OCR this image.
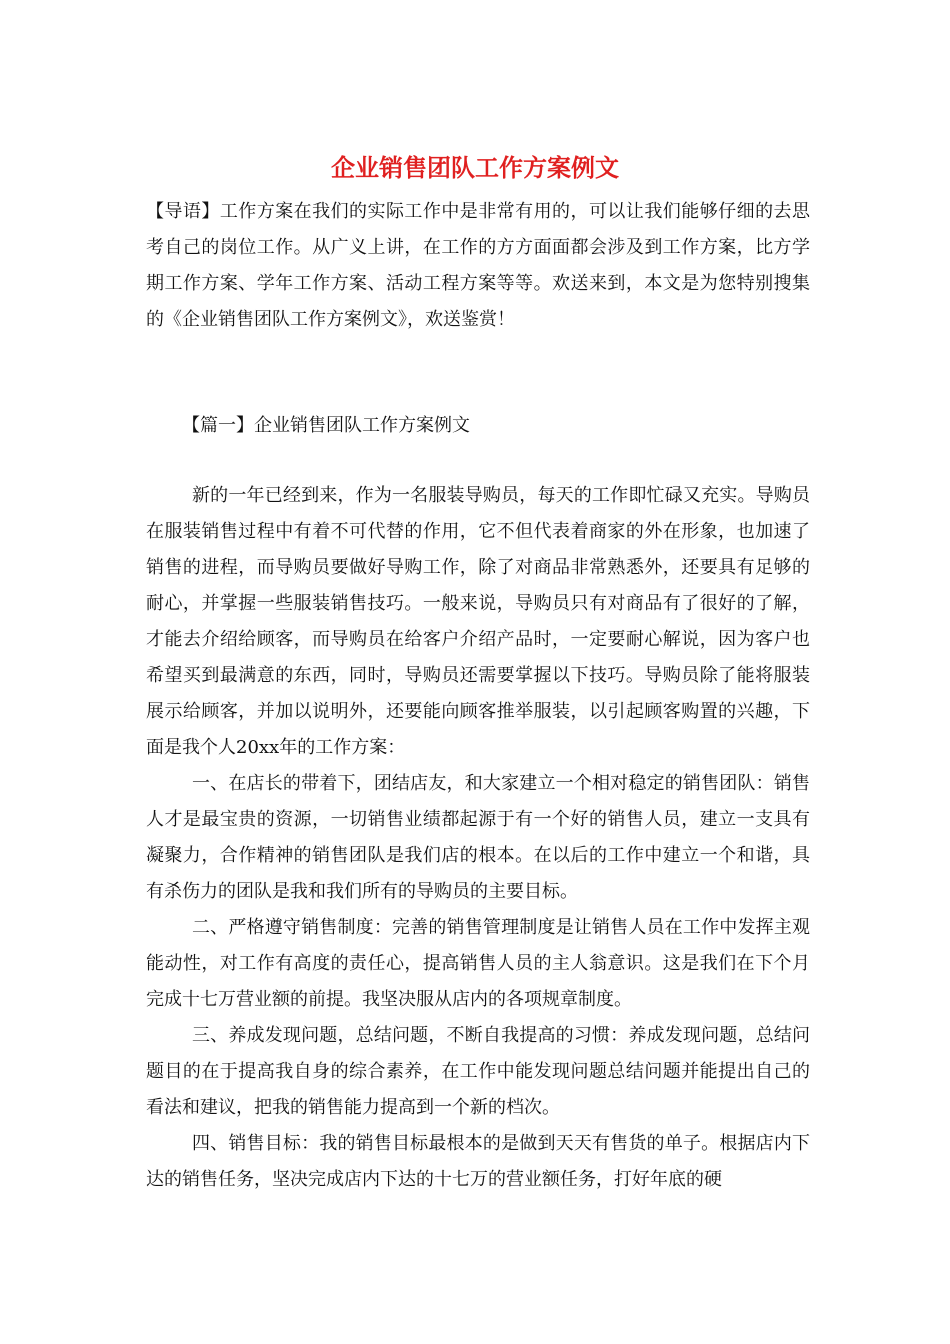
企业销售团队工作方案例文

【导语】工作方案在我们的实际工作中是非常有用的，可以让我们能够仔细的去思考自己的岗位工作。从广义上讲，在工作的方方面面都会涉及到工作方案，比方学期工作方案、学年工作方案、活动工程方案等等。欢送来到，本文是为您特别搜集的《企业销售团队工作方案例文》，欢送鉴赏！

【篇一】企业销售团队工作方案例文

新的一年已经到来，作为一名服装导购员，每天的工作即忙碌又充实。导购员在服装销售过程中有着不可代替的作用，它不但代表着商家的外在形象，也加速了销售的进程，而导购员要做好导购工作，除了对商品非常熟悉外，还要具有足够的耐心，并掌握一些服装销售技巧。一般来说，导购员只有对商品有了很好的了解，才能去介绍给顾客，而导购员在给客户介绍产品时，一定要耐心解说，因为客户也希望买到最满意的东西，同时，导购员还需要掌握以下技巧。导购员除了能将服装展示给顾客，并加以说明外，还要能向顾客推举服装，以引起顾客购置的兴趣，下面是我个人20xx年的工作方案：

一、在店长的带着下，团结店友，和大家建立一个相对稳定的销售团队：销售人才是最宝贵的资源，一切销售业绩都起源于有一个好的销售人员，建立一支具有凝聚力，合作精神的销售团队是我们店的根本。在以后的工作中建立一个和谐，具有杀伤力的团队是我和我们所有的导购员的主要目标。

二、严格遵守销售制度：完善的销售管理制度是让销售人员在工作中发挥主观能动性，对工作有高度的责任心，提高销售人员的主人翁意识。这是我们在下个月完成十七万营业额的前提。我坚决服从店内的各项规章制度。

三、养成发现问题，总结问题，不断自我提高的习惯：养成发现问题，总结问题目的在于提高我自身的综合素养，在工作中能发现问题总结问题并能提出自己的看法和建议，把我的销售能力提高到一个新的档次。

四、销售目标：我的销售目标最根本的是做到天天有售货的单子。根据店内下达的销售任务，坚决完成店内下达的十七万的营业额任务，打好年底的硬
